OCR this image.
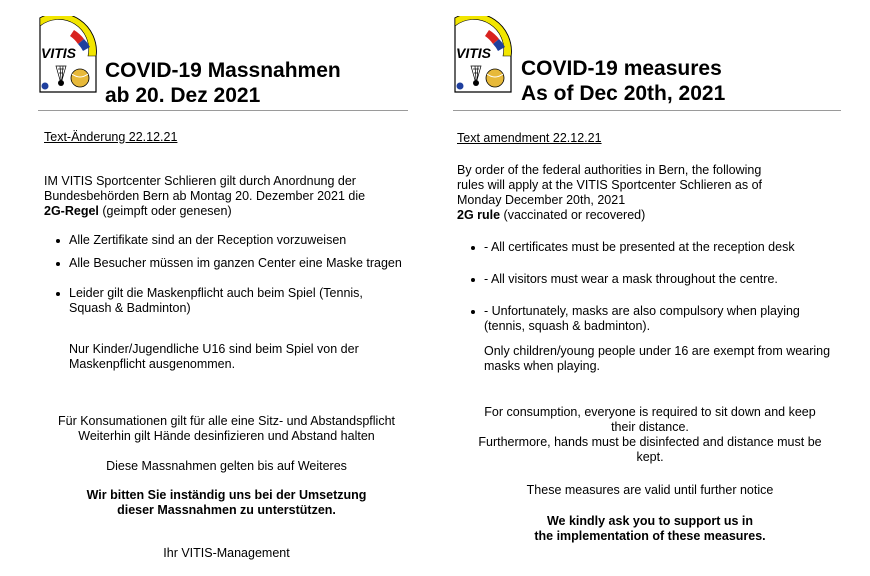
VITIS
COVID-19 Massnahmen
ab 20. Dez 2021
Text-Änderung 22.12.21
IM VITIS Sportcenter Schlieren gilt durch Anordnung der
Bundesbehörden Bern ab Montag 20. Dezember 2021 die
2G-Regel (geimpft oder genesen)
Alle Zertifikate sind an der Reception vorzuweisen
Alle Besucher müssen im ganzen Center eine Maske tragen
Leider gilt die Maskenpflicht auch beim Spiel (Tennis, Squash & Badminton)
Nur Kinder/Jugendliche U16 sind beim Spiel von der Maskenpflicht ausgenommen.
Für Konsumationen gilt für alle eine Sitz- und Abstandspflicht
Weiterhin gilt Hände desinfizieren und Abstand halten
Diese Massnahmen gelten bis auf Weiteres
Wir bitten Sie inständig uns bei der Umsetzung
dieser Massnahmen zu unterstützen.
Ihr VITIS-Management
VITIS
COVID-19 measures
As of Dec 20th, 2021
Text amendment 22.12.21
By order of the federal authorities in Bern, the following
rules will apply at the VITIS Sportcenter Schlieren as of
Monday December 20th, 2021
2G rule (vaccinated or recovered)
- All certificates must be presented at the reception desk
- All visitors must wear a mask throughout the centre.
- Unfortunately, masks are also compulsory when playing (tennis, squash & badminton).
Only children/young people under 16 are exempt from wearing masks when playing.
For consumption, everyone is required to sit down and keep
their distance.
Furthermore, hands must be disinfected and distance must be
kept.
These measures are valid until further notice
We kindly ask you to support us in
the implementation of these measures.
